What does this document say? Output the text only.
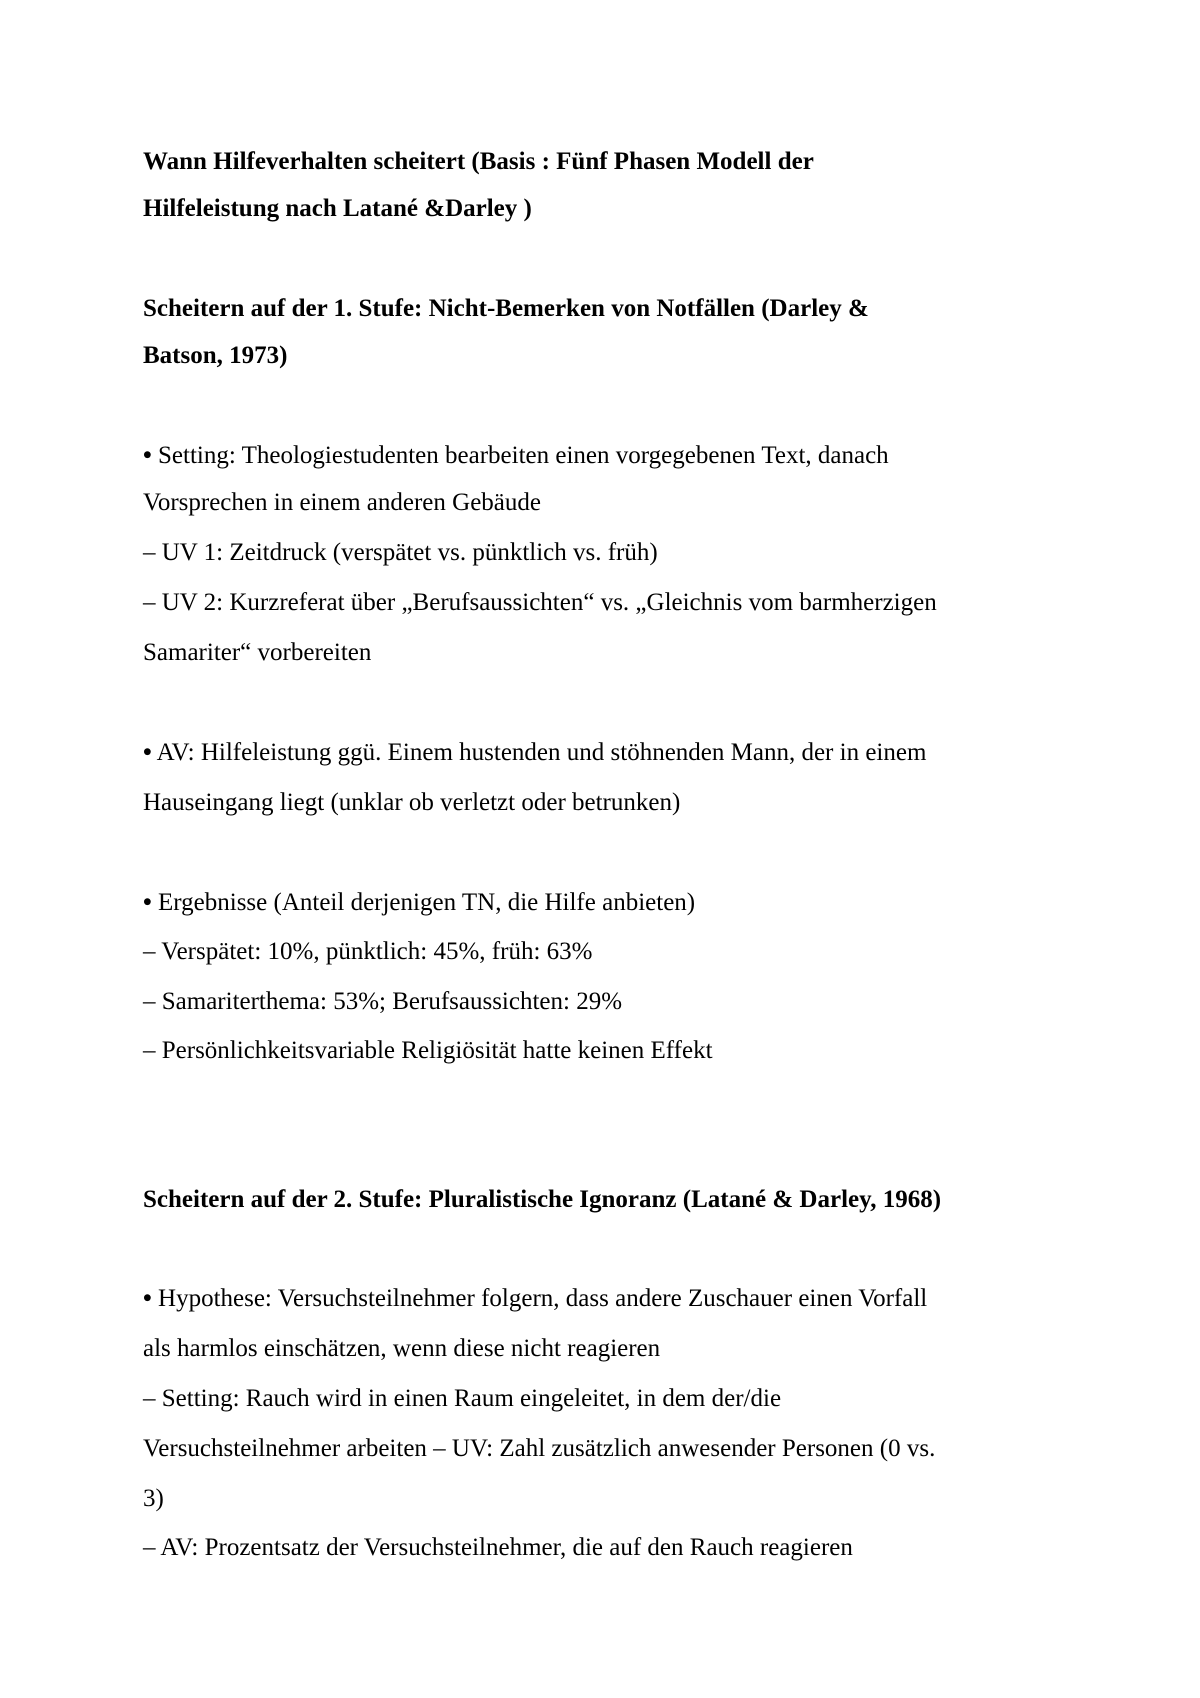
Wann Hilfeverhalten scheitert (Basis : Fünf Phasen Modell der
Hilfeleistung nach Latané &Darley )
Scheitern auf der 1. Stufe: Nicht-Bemerken von Notfällen (Darley &
Batson, 1973)
• Setting: Theologiestudenten bearbeiten einen vorgegebenen Text, danach
Vorsprechen in einem anderen Gebäude
– UV 1: Zeitdruck (verspätet vs. pünktlich vs. früh)
– UV 2: Kurzreferat über „Berufsaussichten“ vs. „Gleichnis vom barmherzigen
Samariter“ vorbereiten
• AV: Hilfeleistung ggü. Einem hustenden und stöhnenden Mann, der in einem
Hauseingang liegt (unklar ob verletzt oder betrunken)
• Ergebnisse (Anteil derjenigen TN, die Hilfe anbieten)
– Verspätet: 10%, pünktlich: 45%, früh: 63%
– Samariterthema: 53%; Berufsaussichten: 29%
– Persönlichkeitsvariable Religiösität hatte keinen Effekt
Scheitern auf der 2. Stufe: Pluralistische Ignoranz (Latané & Darley, 1968)
• Hypothese: Versuchsteilnehmer folgern, dass andere Zuschauer einen Vorfall
als harmlos einschätzen, wenn diese nicht reagieren
– Setting: Rauch wird in einen Raum eingeleitet, in dem der/die
Versuchsteilnehmer arbeiten – UV: Zahl zusätzlich anwesender Personen (0 vs.
3)
– AV: Prozentsatz der Versuchsteilnehmer, die auf den Rauch reagieren
